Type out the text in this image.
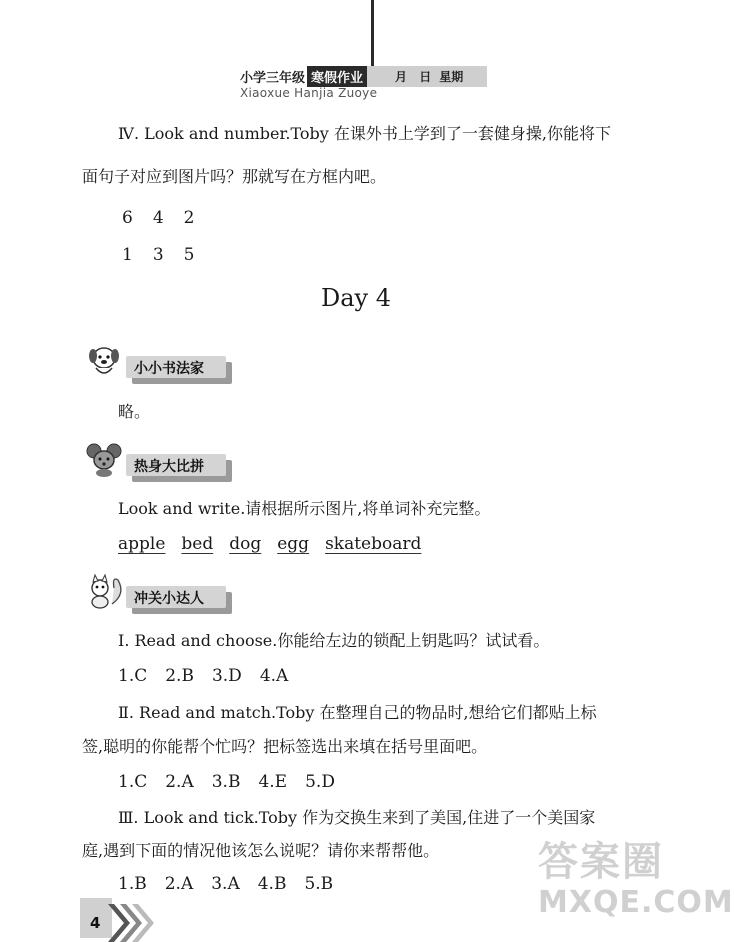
小学三年级 寒假作业	月 日 星期
Xiaoxue Hanjia Zuoye
Ⅳ. Look and number.Toby 在课外书上学到了一套健身操,你能将下
面句子对应到图片吗？那就写在方框内吧。
6 4 2
1 3 5
Day 4
小小书法家
略。
热身大比拼
Look and write.请根据所示图片,将单词补充完整。
apple bed dog egg skateboard
冲关小达人
Ⅰ. Read and choose.你能给左边的锁配上钥匙吗？试试看。
1.C 2.B 3.D 4.A
Ⅱ. Read and match.Toby 在整理自己的物品时,想给它们都贴上标
签,聪明的你能帮个忙吗？把标签选出来填在括号里面吧。
1.C 2.A 3.B 4.E 5.D
Ⅲ. Look and tick.Toby 作为交换生来到了美国,住进了一个美国家
庭,遇到下面的情况他该怎么说呢？请你来帮帮他。
1.B 2.A 3.A 4.B 5.B
4
答案圈
MXQE.COM
